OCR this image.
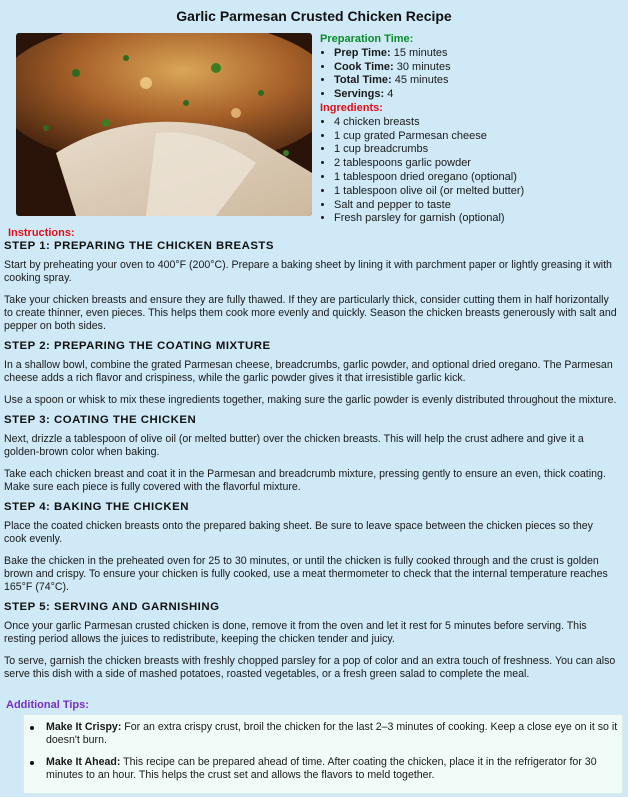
Garlic Parmesan Crusted Chicken Recipe
Preparation Time:
• Prep Time: 15 minutes
• Cook Time: 30 minutes
• Total Time: 45 minutes
• Servings: 4
Ingredients:
• 4 chicken breasts
• 1 cup grated Parmesan cheese
• 1 cup breadcrumbs
• 2 tablespoons garlic powder
• 1 tablespoon dried oregano (optional)
• 1 tablespoon olive oil (or melted butter)
• Salt and pepper to taste
• Fresh parsley for garnish (optional)
Instructions:
STEP 1: PREPARING THE CHICKEN BREASTS

Start by preheating your oven to 400°F (200°C). Prepare a baking sheet by lining it with parchment paper or lightly greasing it with cooking spray.

Take your chicken breasts and ensure they are fully thawed. If they are particularly thick, consider cutting them in half horizontally to create thinner, even pieces. This helps them cook more evenly and quickly. Season the chicken breasts generously with salt and pepper on both sides.

STEP 2: PREPARING THE COATING MIXTURE

In a shallow bowl, combine the grated Parmesan cheese, breadcrumbs, garlic powder, and optional dried oregano. The Parmesan cheese adds a rich flavor and crispiness, while the garlic powder gives it that irresistible garlic kick.

Use a spoon or whisk to mix these ingredients together, making sure the garlic powder is evenly distributed throughout the mixture.

STEP 3: COATING THE CHICKEN

Next, drizzle a tablespoon of olive oil (or melted butter) over the chicken breasts. This will help the crust adhere and give it a golden-brown color when baking.

Take each chicken breast and coat it in the Parmesan and breadcrumb mixture, pressing gently to ensure an even, thick coating. Make sure each piece is fully covered with the flavorful mixture.

STEP 4: BAKING THE CHICKEN

Place the coated chicken breasts onto the prepared baking sheet. Be sure to leave space between the chicken pieces so they cook evenly.

Bake the chicken in the preheated oven for 25 to 30 minutes, or until the chicken is fully cooked through and the crust is golden brown and crispy. To ensure your chicken is fully cooked, use a meat thermometer to check that the internal temperature reaches 165°F (74°C).

STEP 5: SERVING AND GARNISHING

Once your garlic Parmesan crusted chicken is done, remove it from the oven and let it rest for 5 minutes before serving. This resting period allows the juices to redistribute, keeping the chicken tender and juicy.

To serve, garnish the chicken breasts with freshly chopped parsley for a pop of color and an extra touch of freshness. You can also serve this dish with a side of mashed potatoes, roasted vegetables, or a fresh green salad to complete the meal.

Additional Tips:
Make It Crispy: For an extra crispy crust, broil the chicken for the last 2–3 minutes of cooking. Keep a close eye on it so it doesn't burn.
Make It Ahead: This recipe can be prepared ahead of time. After coating the chicken, place it in the refrigerator for 30 minutes to an hour. This helps the crust set and allows the flavors to meld together.
